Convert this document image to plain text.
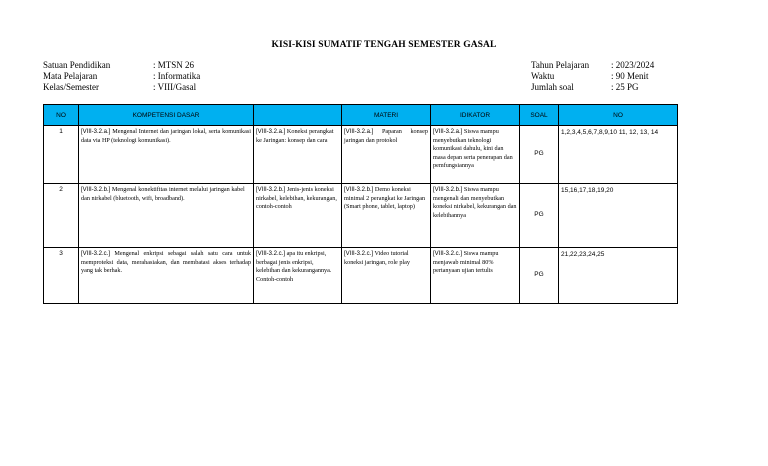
KISI-KISI SUMATIF TENGAH SEMESTER GASAL
Satuan Pendidikan	: MTSN 26
Mata Pelajaran	: Informatika
Kelas/Semester	: VIII/Gasal
Tahun Pelajaran	: 2023/2024
Waktu	: 90 Menit
Jumlah soal	: 25 PG
NO	KOMPETENSI DASAR		MATERI	IDIKATOR	SOAL	NO
1	[VIII-3.2.a.] Mengenal Internet dan jaringan lokal, serta komunikasi data via HP (teknologi komunikasi).	[VIII-3.2.a.] Koneksi perangkat ke Jaringan: konsep dan cara	[VIII-3.2.a.] Paparan konsep jaringan dan protokol	[VIII-3.2.a.] Siswa mampu menyebutkan teknologi komunikasi dahulu, kini dan masa depan serta penerapan dan pemfungsiannya	PG	1,2,3,4,5,6,7,8,9,10 11, 12, 13, 14
2	[VIII-3.2.b.] Mengenal konektifitas internet melalui jaringan kabel dan nirkabel (bluetooth, wifi, broadband).	[VIII-3.2.b.] Jenis-jenis koneksi nirkabel, kelebihan, kekurangan, contoh-contoh	[VIII-3.2.b.] Demo koneksi minimal 2 perangkat ke Jaringan (Smart phone, tablet, laptop)	[VIII-3.2.b.] Siswa mampu mengenali dan menyebutkan koneksi nirkabel, kekurangan dan kelebihannya	PG	15,16,17,18,19,20
3	[VIII-3.2.c.] Mengenal enkripsi sebagai salah satu cara untuk memproteksi data, merahasiakan, dan membatasi akses terhadap yang tak berhak.	[VIII-3.2.c.] apa itu enkripsi, berbagai jenis enkripsi, kelebihan dan kekurangannya. Contoh-contoh	[VIII-3.2.c.] Video tutorial koneksi jaringan, role play	[VIII-3.2.c.] Siswa mampu menjawab minimal 80% pertanyaan ujian tertulis	PG	21,22,23,24,25
